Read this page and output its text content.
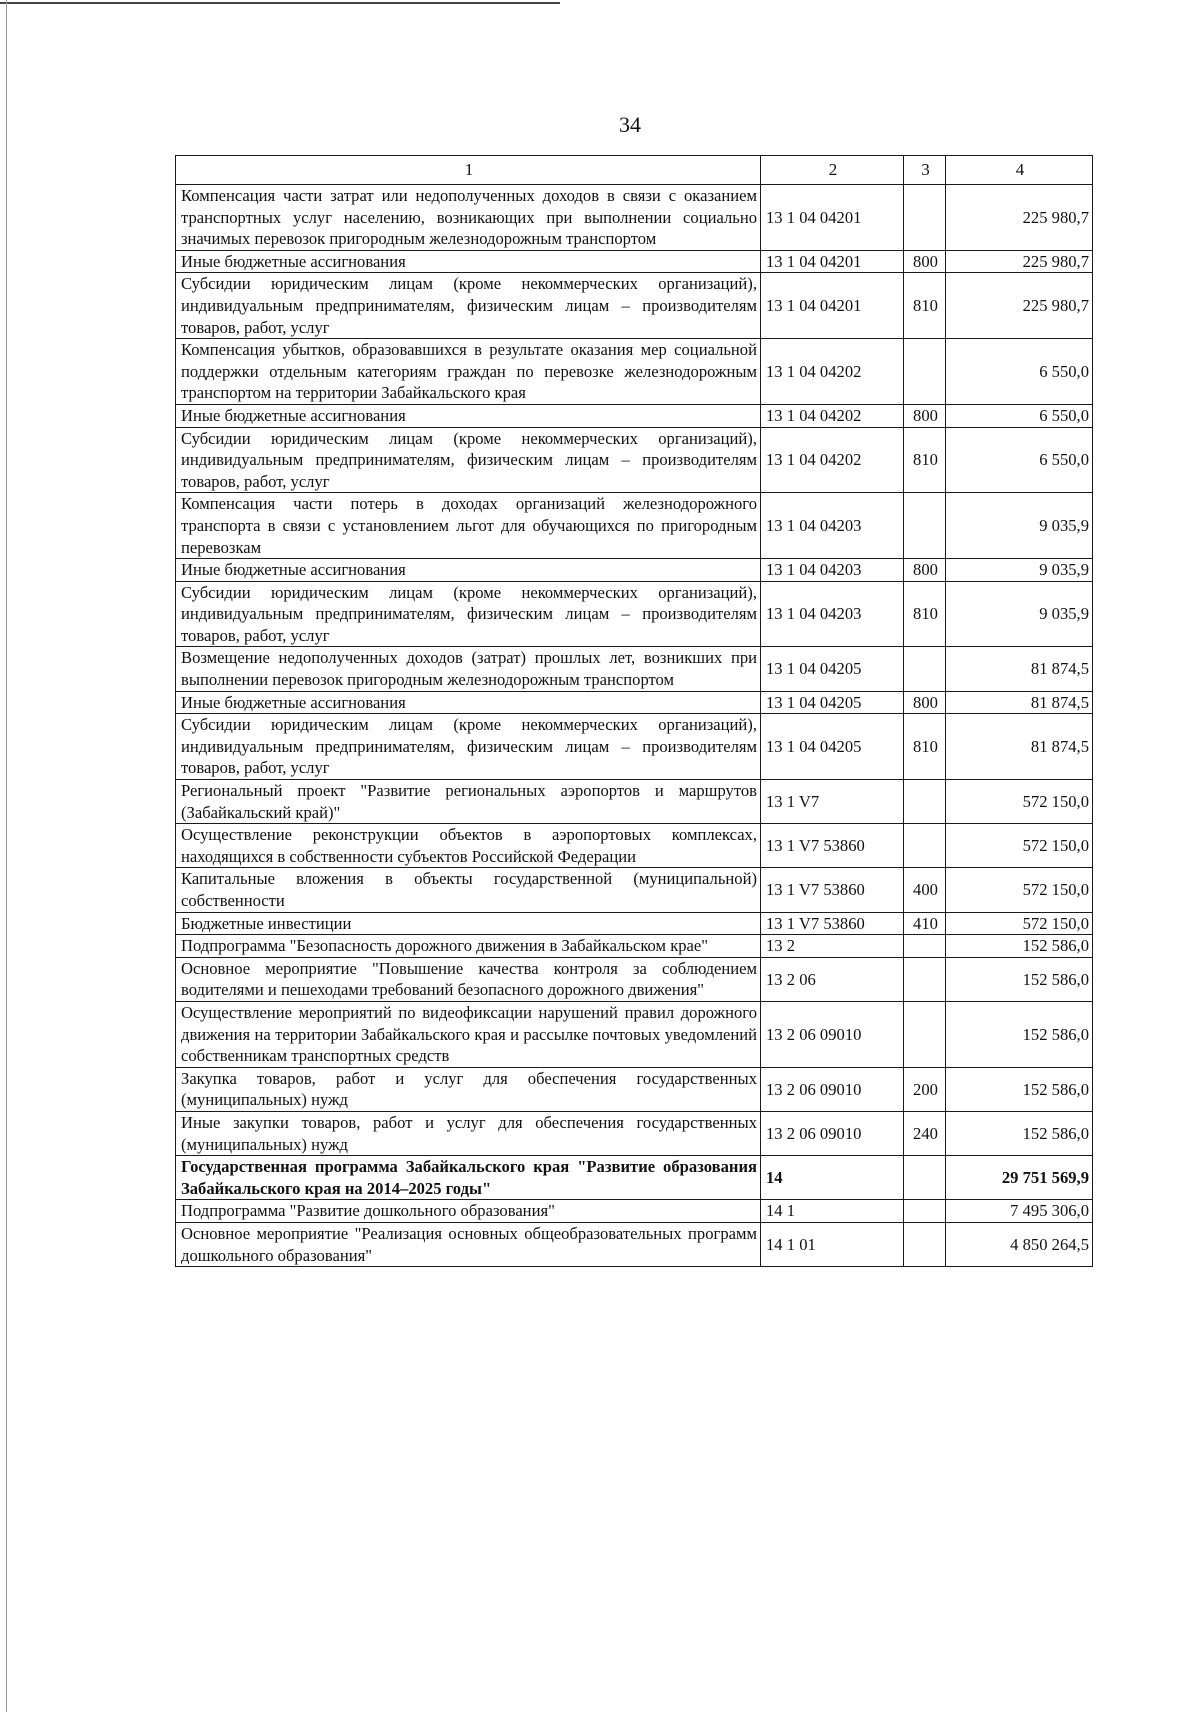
34
1	2	3	4
Компенсация части затрат или недополученных доходов в связи с оказанием транспортных услуг населению, возникающих при выполнении социально значимых перевозок пригородным железнодорожным транспортом	13 1 04 04201		225 980,7
Иные бюджетные ассигнования	13 1 04 04201	800	225 980,7
Субсидии юридическим лицам (кроме некоммерческих организаций), индивидуальным предпринимателям, физическим лицам – производителям товаров, работ, услуг	13 1 04 04201	810	225 980,7
Компенсация убытков, образовавшихся в результате оказания мер социальной поддержки отдельным категориям граждан по перевозке железнодорожным транспортом на территории Забайкальского края	13 1 04 04202		6 550,0
Иные бюджетные ассигнования	13 1 04 04202	800	6 550,0
Субсидии юридическим лицам (кроме некоммерческих организаций), индивидуальным предпринимателям, физическим лицам – производителям товаров, работ, услуг	13 1 04 04202	810	6 550,0
Компенсация части потерь в доходах организаций железнодорожного транспорта в связи с установлением льгот для обучающихся по пригородным перевозкам	13 1 04 04203		9 035,9
Иные бюджетные ассигнования	13 1 04 04203	800	9 035,9
Субсидии юридическим лицам (кроме некоммерческих организаций), индивидуальным предпринимателям, физическим лицам – производителям товаров, работ, услуг	13 1 04 04203	810	9 035,9
Возмещение недополученных доходов (затрат) прошлых лет, возникших при выполнении перевозок пригородным железнодорожным транспортом	13 1 04 04205		81 874,5
Иные бюджетные ассигнования	13 1 04 04205	800	81 874,5
Субсидии юридическим лицам (кроме некоммерческих организаций), индивидуальным предпринимателям, физическим лицам – производителям товаров, работ, услуг	13 1 04 04205	810	81 874,5
Региональный проект "Развитие региональных аэропортов и маршрутов (Забайкальский край)"	13 1 V7		572 150,0
Осуществление реконструкции объектов в аэропортовых комплексах, находящихся в собственности субъектов Российской Федерации	13 1 V7 53860		572 150,0
Капитальные вложения в объекты государственной (муниципальной) собственности	13 1 V7 53860	400	572 150,0
Бюджетные инвестиции	13 1 V7 53860	410	572 150,0
Подпрограмма "Безопасность дорожного движения в Забайкальском крае"	13 2		152 586,0
Основное мероприятие "Повышение качества контроля за соблюдением водителями и пешеходами требований безопасного дорожного движения"	13 2 06		152 586,0
Осуществление мероприятий по видеофиксации нарушений правил дорожного движения на территории Забайкальского края и рассылке почтовых уведомлений собственникам транспортных средств	13 2 06 09010		152 586,0
Закупка товаров, работ и услуг для обеспечения государственных (муниципальных) нужд	13 2 06 09010	200	152 586,0
Иные закупки товаров, работ и услуг для обеспечения государственных (муниципальных) нужд	13 2 06 09010	240	152 586,0
Государственная программа Забайкальского края "Развитие образования Забайкальского края на 2014–2025 годы"	14		29 751 569,9
Подпрограмма "Развитие дошкольного образования"	14 1		7 495 306,0
Основное мероприятие "Реализация основных общеобразовательных программ дошкольного образования"	14 1 01		4 850 264,5
